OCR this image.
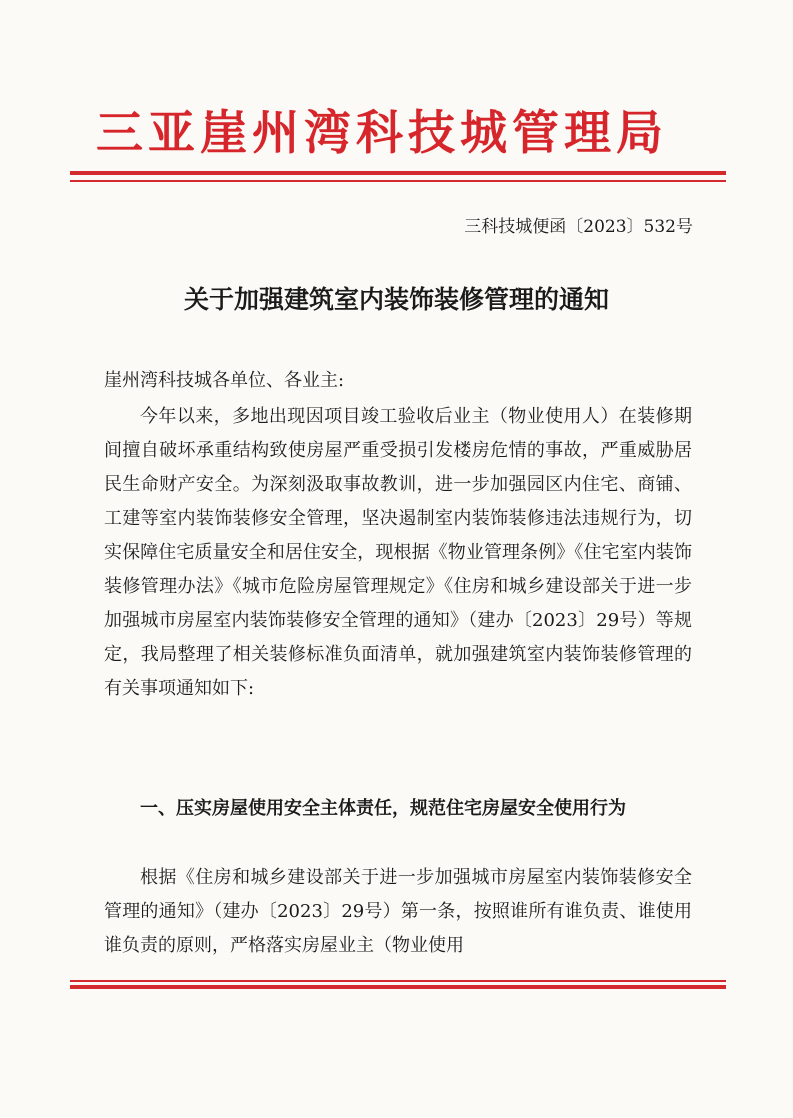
三亚崖州湾科技城管理局
三科技城便函〔2023〕532号
关于加强建筑室内装饰装修管理的通知
崖州湾科技城各单位、各业主:

今年以来，多地出现因项目竣工验收后业主（物业使用人）在装修期间擅自破坏承重结构致使房屋严重受损引发楼房危情的事故，严重威胁居民生命财产安全。为深刻汲取事故教训，进一步加强园区内住宅、商铺、工建等室内装饰装修安全管理，坚决遏制室内装饰装修违法违规行为，切实保障住宅质量安全和居住安全，现根据《物业管理条例》《住宅室内装饰装修管理办法》《城市危险房屋管理规定》《住房和城乡建设部关于进一步加强城市房屋室内装饰装修安全管理的通知》（建办〔2023〕29号）等规定，我局整理了相关装修标准负面清单，就加强建筑室内装饰装修管理的有关事项通知如下:

一、压实房屋使用安全主体责任，规范住宅房屋安全使用行为

根据《住房和城乡建设部关于进一步加强城市房屋室内装饰装修安全管理的通知》（建办〔2023〕29号）第一条，按照谁所有谁负责、谁使用谁负责的原则，严格落实房屋业主（物业使用
